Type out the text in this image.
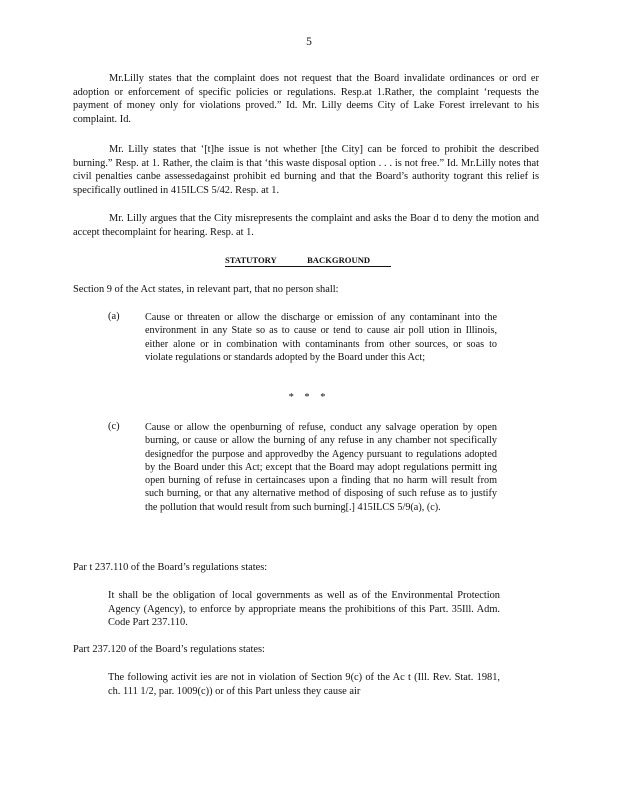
5

Mr.Lilly states that the complaint does not request that the Board invalidate ordinances or ord er adoption or enforcement of specific policies or regulations. Resp.at 1.Rather, the complaint ‘requests the payment of money only for violations proved.” Id. Mr. Lilly deems City of Lake Forest irrelevant to his complaint. Id.

Mr. Lilly states that ‘[t]he issue is not whether [the City] can be forced to prohibit the described burning.” Resp. at 1. Rather, the claim is that ‘this waste disposal option . . . is not free.” Id. Mr.Lilly notes that civil penalties canbe assessedagainst prohibit ed burning and that the Board’s authority togrant this relief is specifically outlined in 415ILCS 5/42. Resp. at 1.

Mr. Lilly argues that the City misrepresents the complaint and asks the Boar d to deny the motion and accept thecomplaint for hearing. Resp. at 1.

STATUTORY	BACKGROUND

Section 9 of the Act states, in relevant part, that no person shall:

(a) Cause or threaten or allow the discharge or emission of any contaminant into the environment in any State so as to cause or tend to cause air poll ution in Illinois, either alone or in combination with contaminants from other sources, or soas to violate regulations or standards adopted by the Board under this Act;

* * *
(c) Cause or allow the openburning of refuse, conduct any salvage operation by open burning, or cause or allow the burning of any refuse in any chamber not specifically designedfor the purpose and approvedby the Agency pursuant to regulations adopted by the Board under this Act; except that the Board may adopt regulations permitt ing open burning of refuse in certaincases upon a finding that no harm will result from such burning, or that any alternative method of disposing of such refuse as to justify the pollution that would result from such burning[.] 415ILCS 5/9(a), (c).

Par t 237.110 of the Board’s regulations states:

It shall be the obligation of local governments as well as of the Environmental Protection Agency (Agency), to enforce by appropriate means the prohibitions of this Part. 35Ill. Adm. Code Part 237.110.

Part 237.120 of the Board’s regulations states:

The following activit ies are not in violation of Section 9(c) of the Ac t (Ill. Rev. Stat. 1981, ch. 111 1/2, par. 1009(c)) or of this Part unless they cause air
